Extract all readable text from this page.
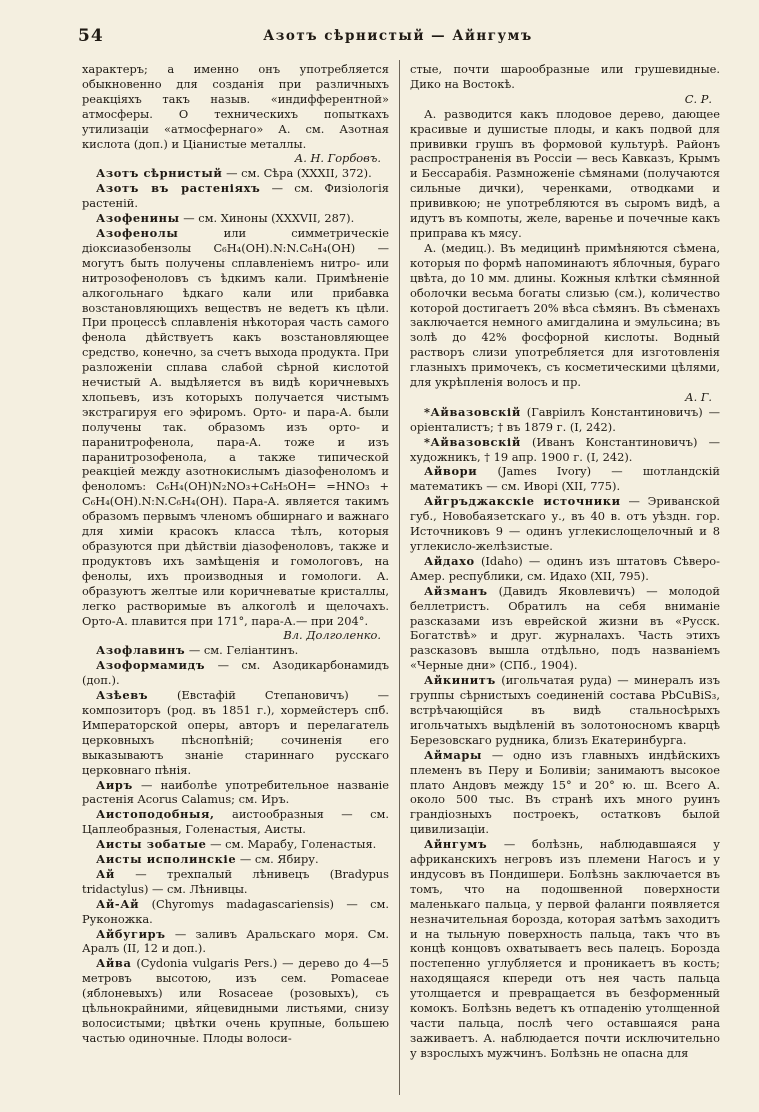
54	Азотъ сѣрнистый — Айнгумъ

характеръ; а именно онъ употребляется обыкновенно для созданія при различныхъ реакціяхъ такъ назыв. «индифферентной» атмосферы. О техническихъ попыткахъ утилизаціи «атмосфернаго» А. см. Азотная кислота (доп.) и Ціанистые металлы.
А. Н. Горбовъ.

Азотъ сѣрнистый — см. Сѣра (XXXII, 372).

Азотъ въ растеніяхъ — см. Физіологія растеній.

Азофенины — см. Хиноны (XXXVII, 287).

Азофенолы	или симметрическіе діоксиазобензолы C₆H₄(OH).N:N.C₆H₄(OH) — могутъ быть получены сплавленіемъ нитро- или нитрозофеноловъ съ ѣдкимъ кали. Примѣненіе алкогольнаго ѣдкаго кали или прибавка возстановляющихъ веществъ не ведетъ къ цѣли. При процессѣ сплавленія нѣкоторая часть самого фенола дѣйствуетъ какъ возстановляющее средство, конечно, за счетъ выхода продукта. При разложеніи сплава слабой сѣрной кислотой нечистый А. выдѣляется въ видѣ коричневыхъ хлопьевъ, изъ которыхъ получается чистымъ экстрагируя его эфиромъ. Орто- и пара-А. были получены так. образомъ изъ орто- и паранитрофенола, пара-А. тоже и изъ паранитрозофенола, а также типической реакціей между азотнокислымъ діазофеноломъ и феноломъ: C₆H₄(OH)N₂NO₃+C₆H₅OH= =HNO₃ + C₆H₄(OH).N:N.C₆H₄(OH). Пара-А. является такимъ образомъ первымъ членомъ обширнаго и важнаго для химіи красокъ класса тѣлъ, которыя образуются при дѣйствіи діазофеноловъ, также и продуктовъ ихъ замѣщенія и гомологовъ, на фенолы, ихъ производныя и гомологи. А. образуютъ желтые или коричневатые кристаллы, легко растворимые въ алкоголѣ и щелочахъ. Орто-А. плавится при 171°, пара-А.— при 204°.
Вл. Долголенко.

Азофлавинъ — см. Геліантинъ.

Азоформамидъ — см. Азодикарбонамидъ (доп.).

Азѣевъ	(Евстафій Степановичъ) — композиторъ (род. въ 1851 г.), хормейстеръ спб. Императорской оперы, авторъ и перелагатель церковныхъ пѣснопѣній; сочиненія его выказываютъ знаніе стариннаго русскаго церковнаго пѣнія.

Аиръ — наиболѣе употребительное названіе растенія Acorus Calamus; см. Иръ.

Аистоподобныя, аистообразныя — см. Цаплеобразныя, Голенастыя, Аисты.

Аисты зобатые — см. Марабу, Голенастыя.

Аисты исполинскіе — см. Ябиру.

Ай — трехпалый лѣнивецъ (Bradypus tridactylus) — см. Лѣнивцы.

Ай-Ай (Chyromys madagascariensis) — см. Руконожка.

Айбугиръ — заливъ Аральскаго моря. См. Аралъ (II, 12 и доп.).

Айва (Cydonia vulgaris Pers.) — дерево до 4—5 метровъ высотою, изъ сем. Pomaceae (яблоневыхъ) или Rosaceae (розовыхъ), съ цѣльнокрайними, яйцевидными листьями, снизу волосистыми; цвѣтки очень крупные, большею частью одиночные. Плоды волоси-

стые, почти шарообразные или грушевидные. Дико на Востокѣ.
С. Р.

А. разводится какъ плодовое дерево, дающее красивые и душистые плоды, и какъ подвой для прививки грушъ въ формовой культурѣ. Районъ распространенія въ Россіи — весь Кавказъ, Крымъ и Бессарабія. Размноженіе сѣмянами (получаются сильные дички), черенками, отводками и прививкою; не употребляются въ сыромъ видѣ, а идутъ въ компоты, желе, варенье и почечные какъ приправа къ мясу.

А. (медиц.). Въ медицинѣ примѣняются сѣмена, которыя по формѣ напоминаютъ яблочныя, бураго цвѣта, до 10 мм. длины. Кожныя клѣтки сѣмянной оболочки весьма богаты слизью (см.), количество которой достигаетъ 20% вѣса сѣмянъ. Въ сѣменахъ заключается немного амигдалина и эмульсина; въ золѣ до 42% фосфорной кислоты. Водный растворъ слизи употребляется для изготовленія глазныхъ примочекъ, съ косметическими цѣлями, для укрѣпленія волосъ и пр.
А. Г.

*Айвазовскій (Гавріилъ Константиновичъ) — оріенталистъ; † въ 1879 г. (I, 242).

*Айвазовскій (Иванъ Константиновичъ) — художникъ, † 19 апр. 1900 г. (I, 242).

Айвори (James Ivory) — шотландскій математикъ — см. Иворi (XII, 775).

Айгръджакскіе источники — Эриванской губ., Новобаязетскаго у., въ 40 в. отъ уѣздн. гор. Источниковъ 9 — одинъ углекислощелочный и 8 углекисло-желѣзистые.

Айдахо (Idaho) — одинъ изъ штатовъ Сѣверо-Амер. республики, см. Идахо (XII, 795).

Айзманъ (Давидъ Яковлевичъ) — молодой беллетристъ. Обратилъ на себя вниманіе разсказами изъ еврейской жизни въ «Русск. Богатствѣ» и друг. журналахъ. Часть этихъ разсказовъ вышла отдѣльно, подъ названіемъ «Черные дни» (СПб., 1904).

Айкинитъ (игольчатая руда) — минералъ изъ группы сѣрнистыхъ соединеній состава PbCuBiS₃, встрѣчающійся въ видѣ стальносѣрыхъ игольчатыхъ выдѣленій въ золотоносномъ кварцѣ Березовскаго рудника, близъ Екатеринбурга.

Аймары — одно изъ главныхъ индѣйскихъ племенъ въ Перу и Боливіи; занимаютъ высокое плато Андовъ между 15° и 20° ю. ш. Всего А. около 500 тыс. Въ странѣ ихъ много руинъ грандіозныхъ построекъ, остатковъ былой цивилизаціи.

Айнгумъ — болѣзнь, наблюдавшаяся у африканскихъ негровъ изъ племени Нагосъ и у индусовъ въ Пондишери. Болѣзнь заключается въ томъ, что на подошвенной поверхности маленькаго пальца, у первой фаланги появляется незначительная борозда, которая затѣмъ заходитъ и на тыльную поверхность пальца, такъ что въ концѣ концовъ охватываетъ весь палецъ. Борозда постепенно углубляется и проникаетъ въ кость; находящаяся кпереди отъ нея часть пальца утолщается и превращается въ безформенный комокъ. Болѣзнь ведетъ къ отпаденію утолщенной части пальца, послѣ чего оставшаяся рана заживаетъ. А. наблюдается почти исключительно у взрослыхъ мужчинъ. Болѣзнь не опасна для
